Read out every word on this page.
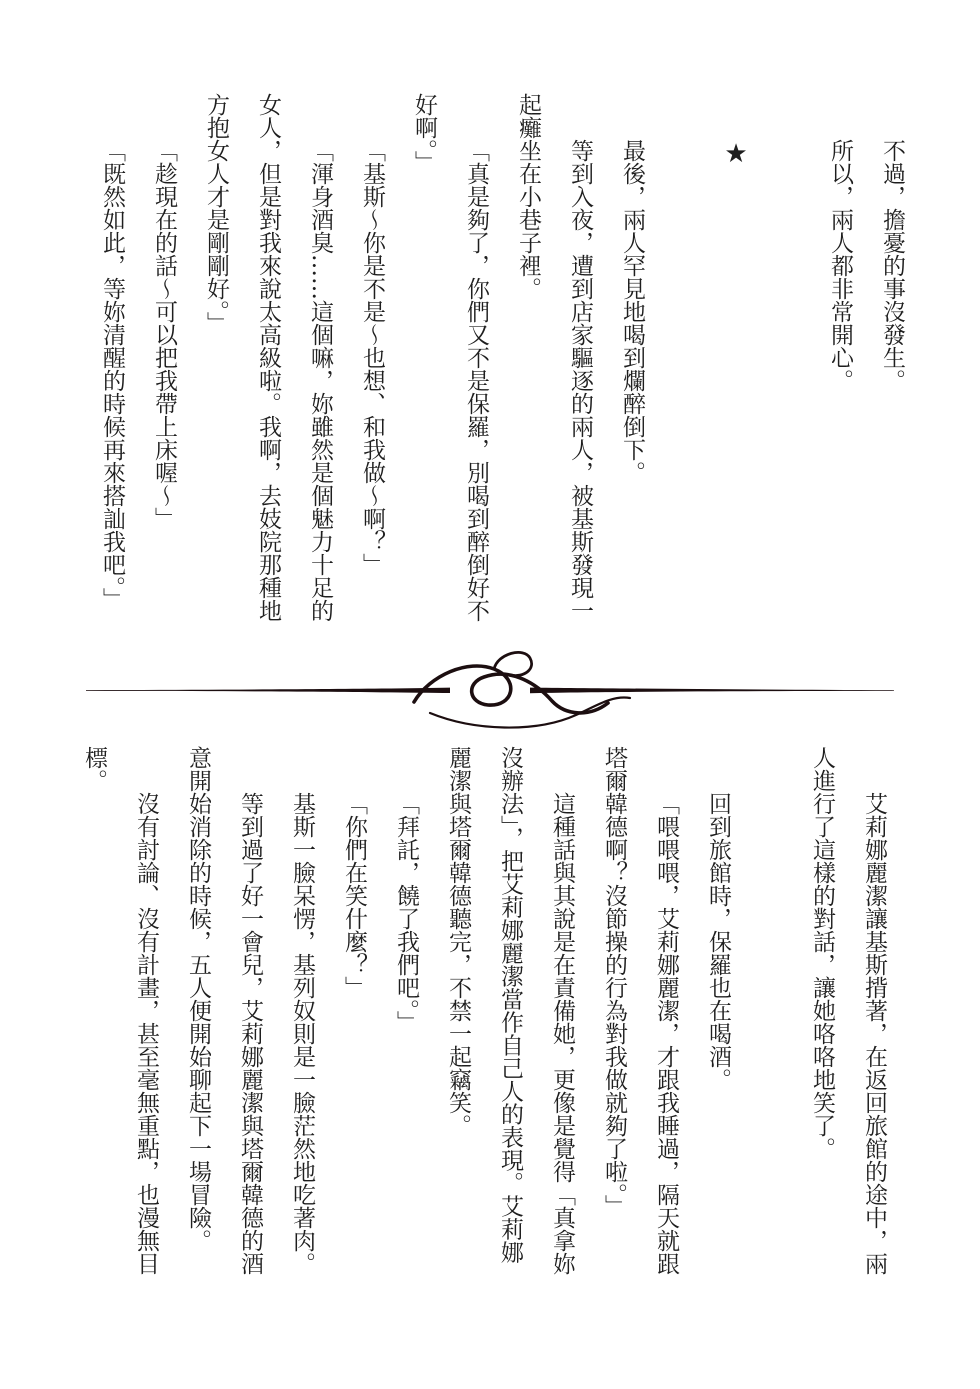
不過，擔憂的事沒發生。
所以，兩人都非常開心。
★
最後，兩人罕見地喝到爛醉倒下。
等到入夜，遭到店家驅逐的兩人，被基斯發現一
起癱坐在小巷子裡。
「真是夠了，你們又不是保羅，別喝到醉倒好不
好啊。」
「基斯～你是不是～也想、和我做～啊？」
「渾身酒臭……這個嘛，妳雖然是個魅力十足的
女人，但是對我來說太高級啦。我啊，去妓院那種地
方抱女人才是剛剛好。」
「趁現在的話～可以把我帶上床喔～」
「既然如此，等妳清醒的時候再來搭訕我吧。」
艾莉娜麗潔讓基斯揹著，在返回旅館的途中，兩
人進行了這樣的對話，讓她咯咯地笑了。
回到旅館時，保羅也在喝酒。
「喂喂喂，艾莉娜麗潔，才跟我睡過，隔天就跟
塔爾韓德啊？沒節操的行為對我做就夠了啦。」
這種話與其說是在責備她，更像是覺得「真拿妳
沒辦法」，把艾莉娜麗潔當作自己人的表現。艾莉娜
麗潔與塔爾韓德聽完，不禁一起竊笑。
「拜託，饒了我們吧。」
「你們在笑什麼？」
基斯一臉呆愣，基列奴則是一臉茫然地吃著肉。
等到過了好一會兒，艾莉娜麗潔與塔爾韓德的酒
意開始消除的時候，五人便開始聊起下一場冒險。
沒有討論、沒有計畫，甚至毫無重點，也漫無目
標。
